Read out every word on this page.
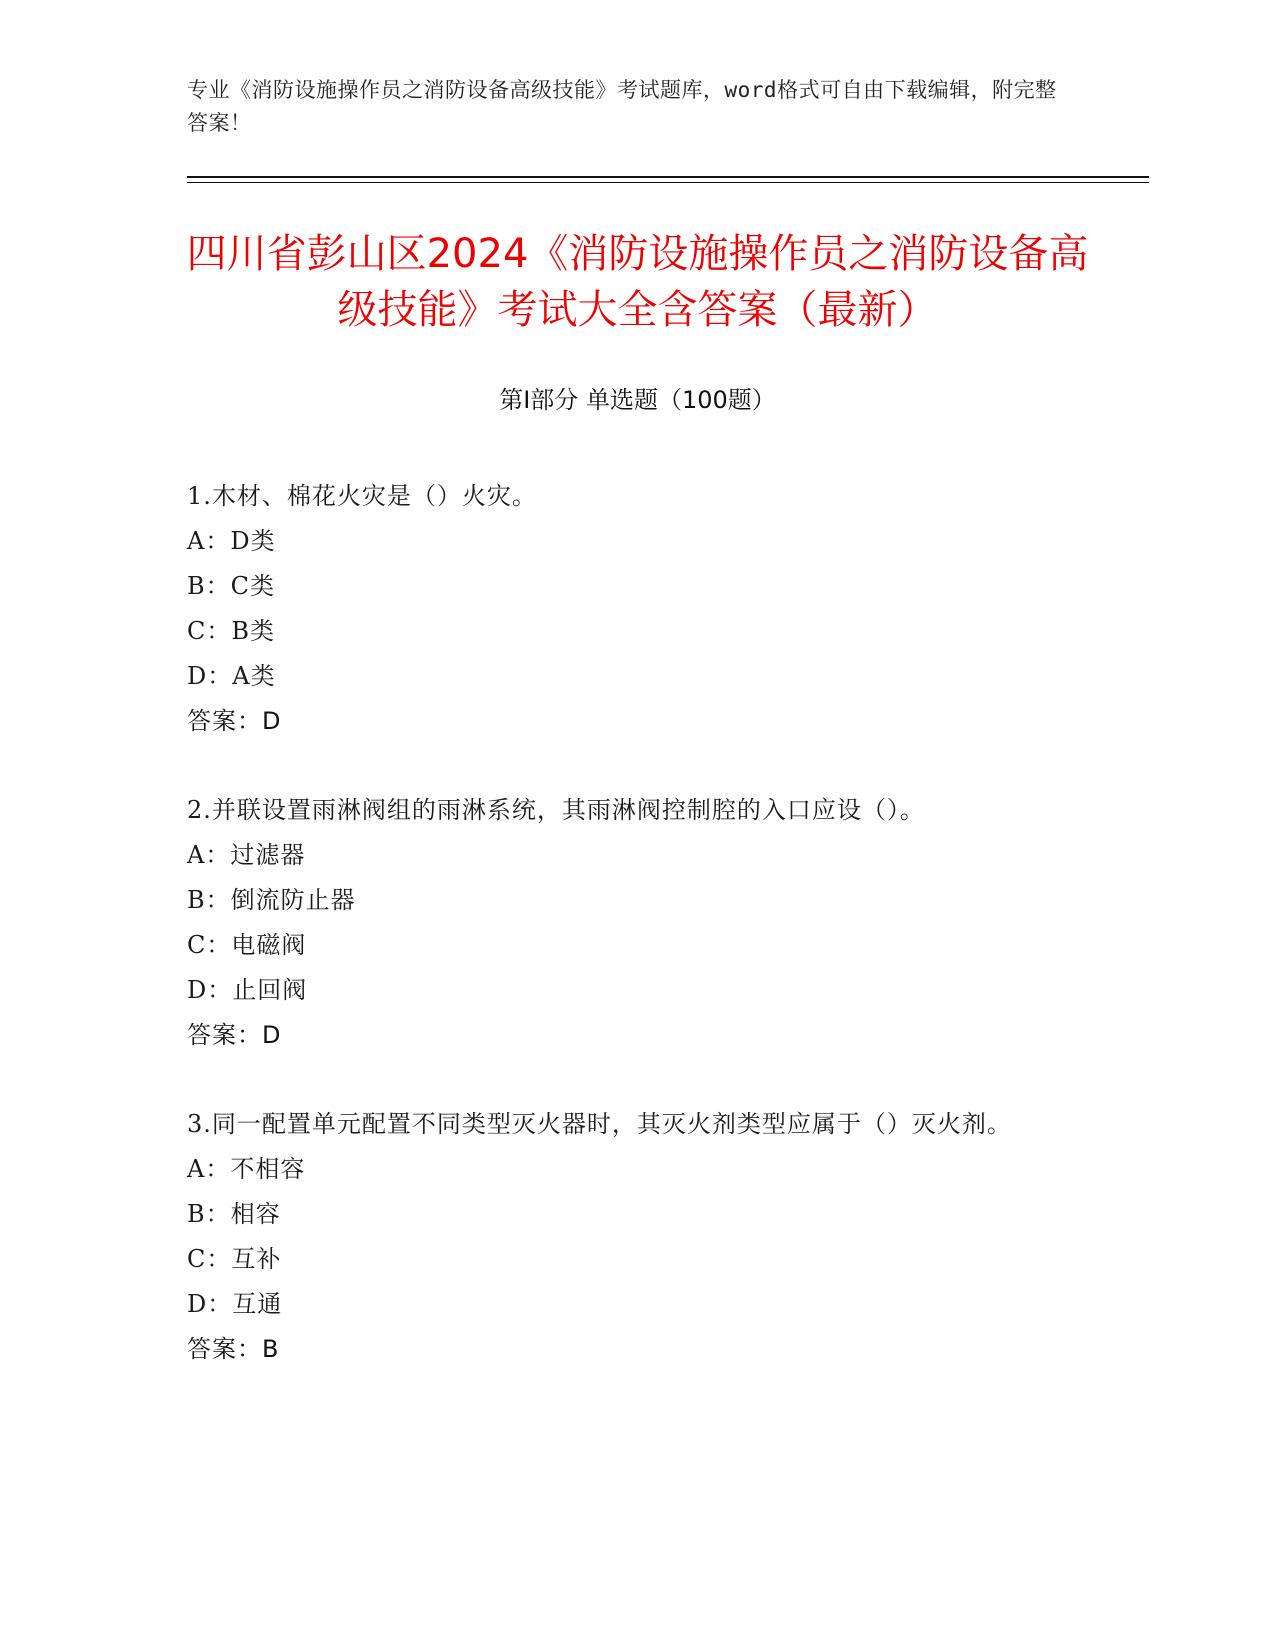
专业《消防设施操作员之消防设备高级技能》考试题库，word格式可自由下载编辑，附完整答案！
四川省彭山区2024《消防设施操作员之消防设备高级技能》考试大全含答案（最新）
第I部分 单选题（100题）
1.木材、棉花火灾是（）火灾。
A：D类
B：C类
C：B类
D：A类
答案：D
2.并联设置雨淋阀组的雨淋系统，其雨淋阀控制腔的入口应设（）。
A：过滤器
B：倒流防止器
C：电磁阀
D：止回阀
答案：D
3.同一配置单元配置不同类型灭火器时，其灭火剂类型应属于（）灭火剂。
A：不相容
B：相容
C：互补
D：互通
答案：B
